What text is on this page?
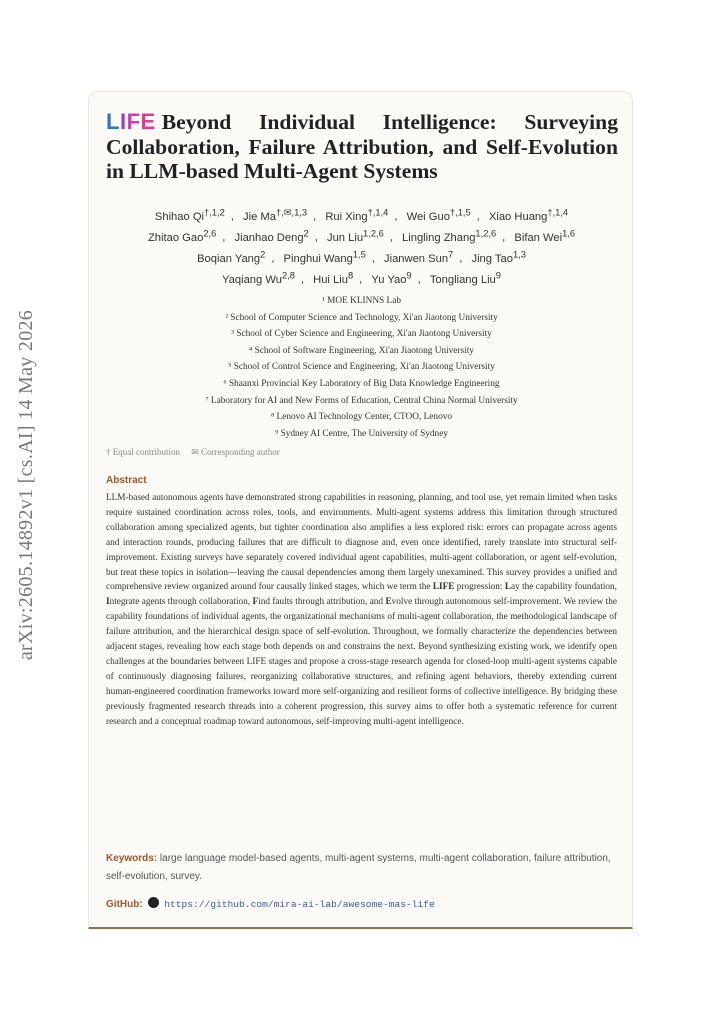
arXiv:2605.14892v1 [cs.AI] 14 May 2026
LIFE Beyond Individual Intelligence: Surveying Collaboration, Failure Attribution, and Self-Evolution in LLM-based Multi-Agent Systems
Shihao $Qi^{\dagger,1,2}$ , Jie $Ma^{\dagger,✉,1,3}$ , Rui Xing$^{\dagger,1,4}$ , Wei Guo$^{\dagger,1,5}$ , Xiao Huang$^{\dagger,1,4}$
Zhitao Gao$^{2,6}$ , Jianhao Deng$^2$ , Jun Liu$^{1,2,6}$ , Lingling Zhang$^{1,2,6}$ , Bifan Wei$^{1,6}$
Boqian Yang$^2$ , Pinghui Wang$^{1,5}$ , Jianwen Sun$^7$ , Jing Tao$^{1,3}$
Yaqiang Wu$^{2,8}$ , Hui Liu$^8$ , Yu Yao$^9$ , Tongliang Liu$^9$
¹ MOE KLINNS Lab
² School of Computer Science and Technology, Xi'an Jiaotong University
³ School of Cyber Science and Engineering, Xi'an Jiaotong University
⁴ School of Software Engineering, Xi'an Jiaotong University
⁵ School of Control Science and Engineering, Xi'an Jiaotong University
⁶ Shaanxi Provincial Key Laboratory of Big Data Knowledge Engineering
⁷ Laboratory for AI and New Forms of Education, Central China Normal University
⁸ Lenovo AI Technology Center, CTOO, Lenovo
⁹ Sydney AI Centre, The University of Sydney
† Equal contribution ✉ Corresponding author
Abstract
LLM-based autonomous agents have demonstrated strong capabilities in reasoning, planning, and tool use, yet remain limited when tasks require sustained coordination across roles, tools, and environments. Multi-agent systems address this limitation through structured collaboration among specialized agents, but tighter coordination also amplifies a less explored risk: errors can propagate across agents and interaction rounds, producing failures that are difficult to diagnose and, even once identified, rarely translate into structural self-improvement. Existing surveys have separately covered individual agent capabilities, multi-agent collaboration, or agent self-evolution, but treat these topics in isolation—leaving the causal dependencies among them largely unexamined. This survey provides a unified and comprehensive review organized around four causally linked stages, which we term the LIFE progression: Lay the capability foundation, Integrate agents through collaboration, Find faults through attribution, and Evolve through autonomous self-improvement. We review the capability foundations of individual agents, the organizational mechanisms of multi-agent collaboration, the methodological landscape of failure attribution, and the hierarchical design space of self-evolution. Throughout, we formally characterize the dependencies between adjacent stages, revealing how each stage both depends on and constrains the next. Beyond synthesizing existing work, we identify open challenges at the boundaries between LIFE stages and propose a cross-stage research agenda for closed-loop multi-agent systems capable of continuously diagnosing failures, reorganizing collaborative structures, and refining agent behaviors, thereby extending current human-engineered coordination frameworks toward more self-organizing and resilient forms of collective intelligence. By bridging these previously fragmented research threads into a coherent progression, this survey aims to offer both a systematic reference for current research and a conceptual roadmap toward autonomous, self-improving multi-agent intelligence.
Keywords: large language model-based agents, multi-agent systems, multi-agent collaboration, failure attribution, self-evolution, survey.
GitHub: https://github.com/mira-ai-lab/awesome-mas-life
